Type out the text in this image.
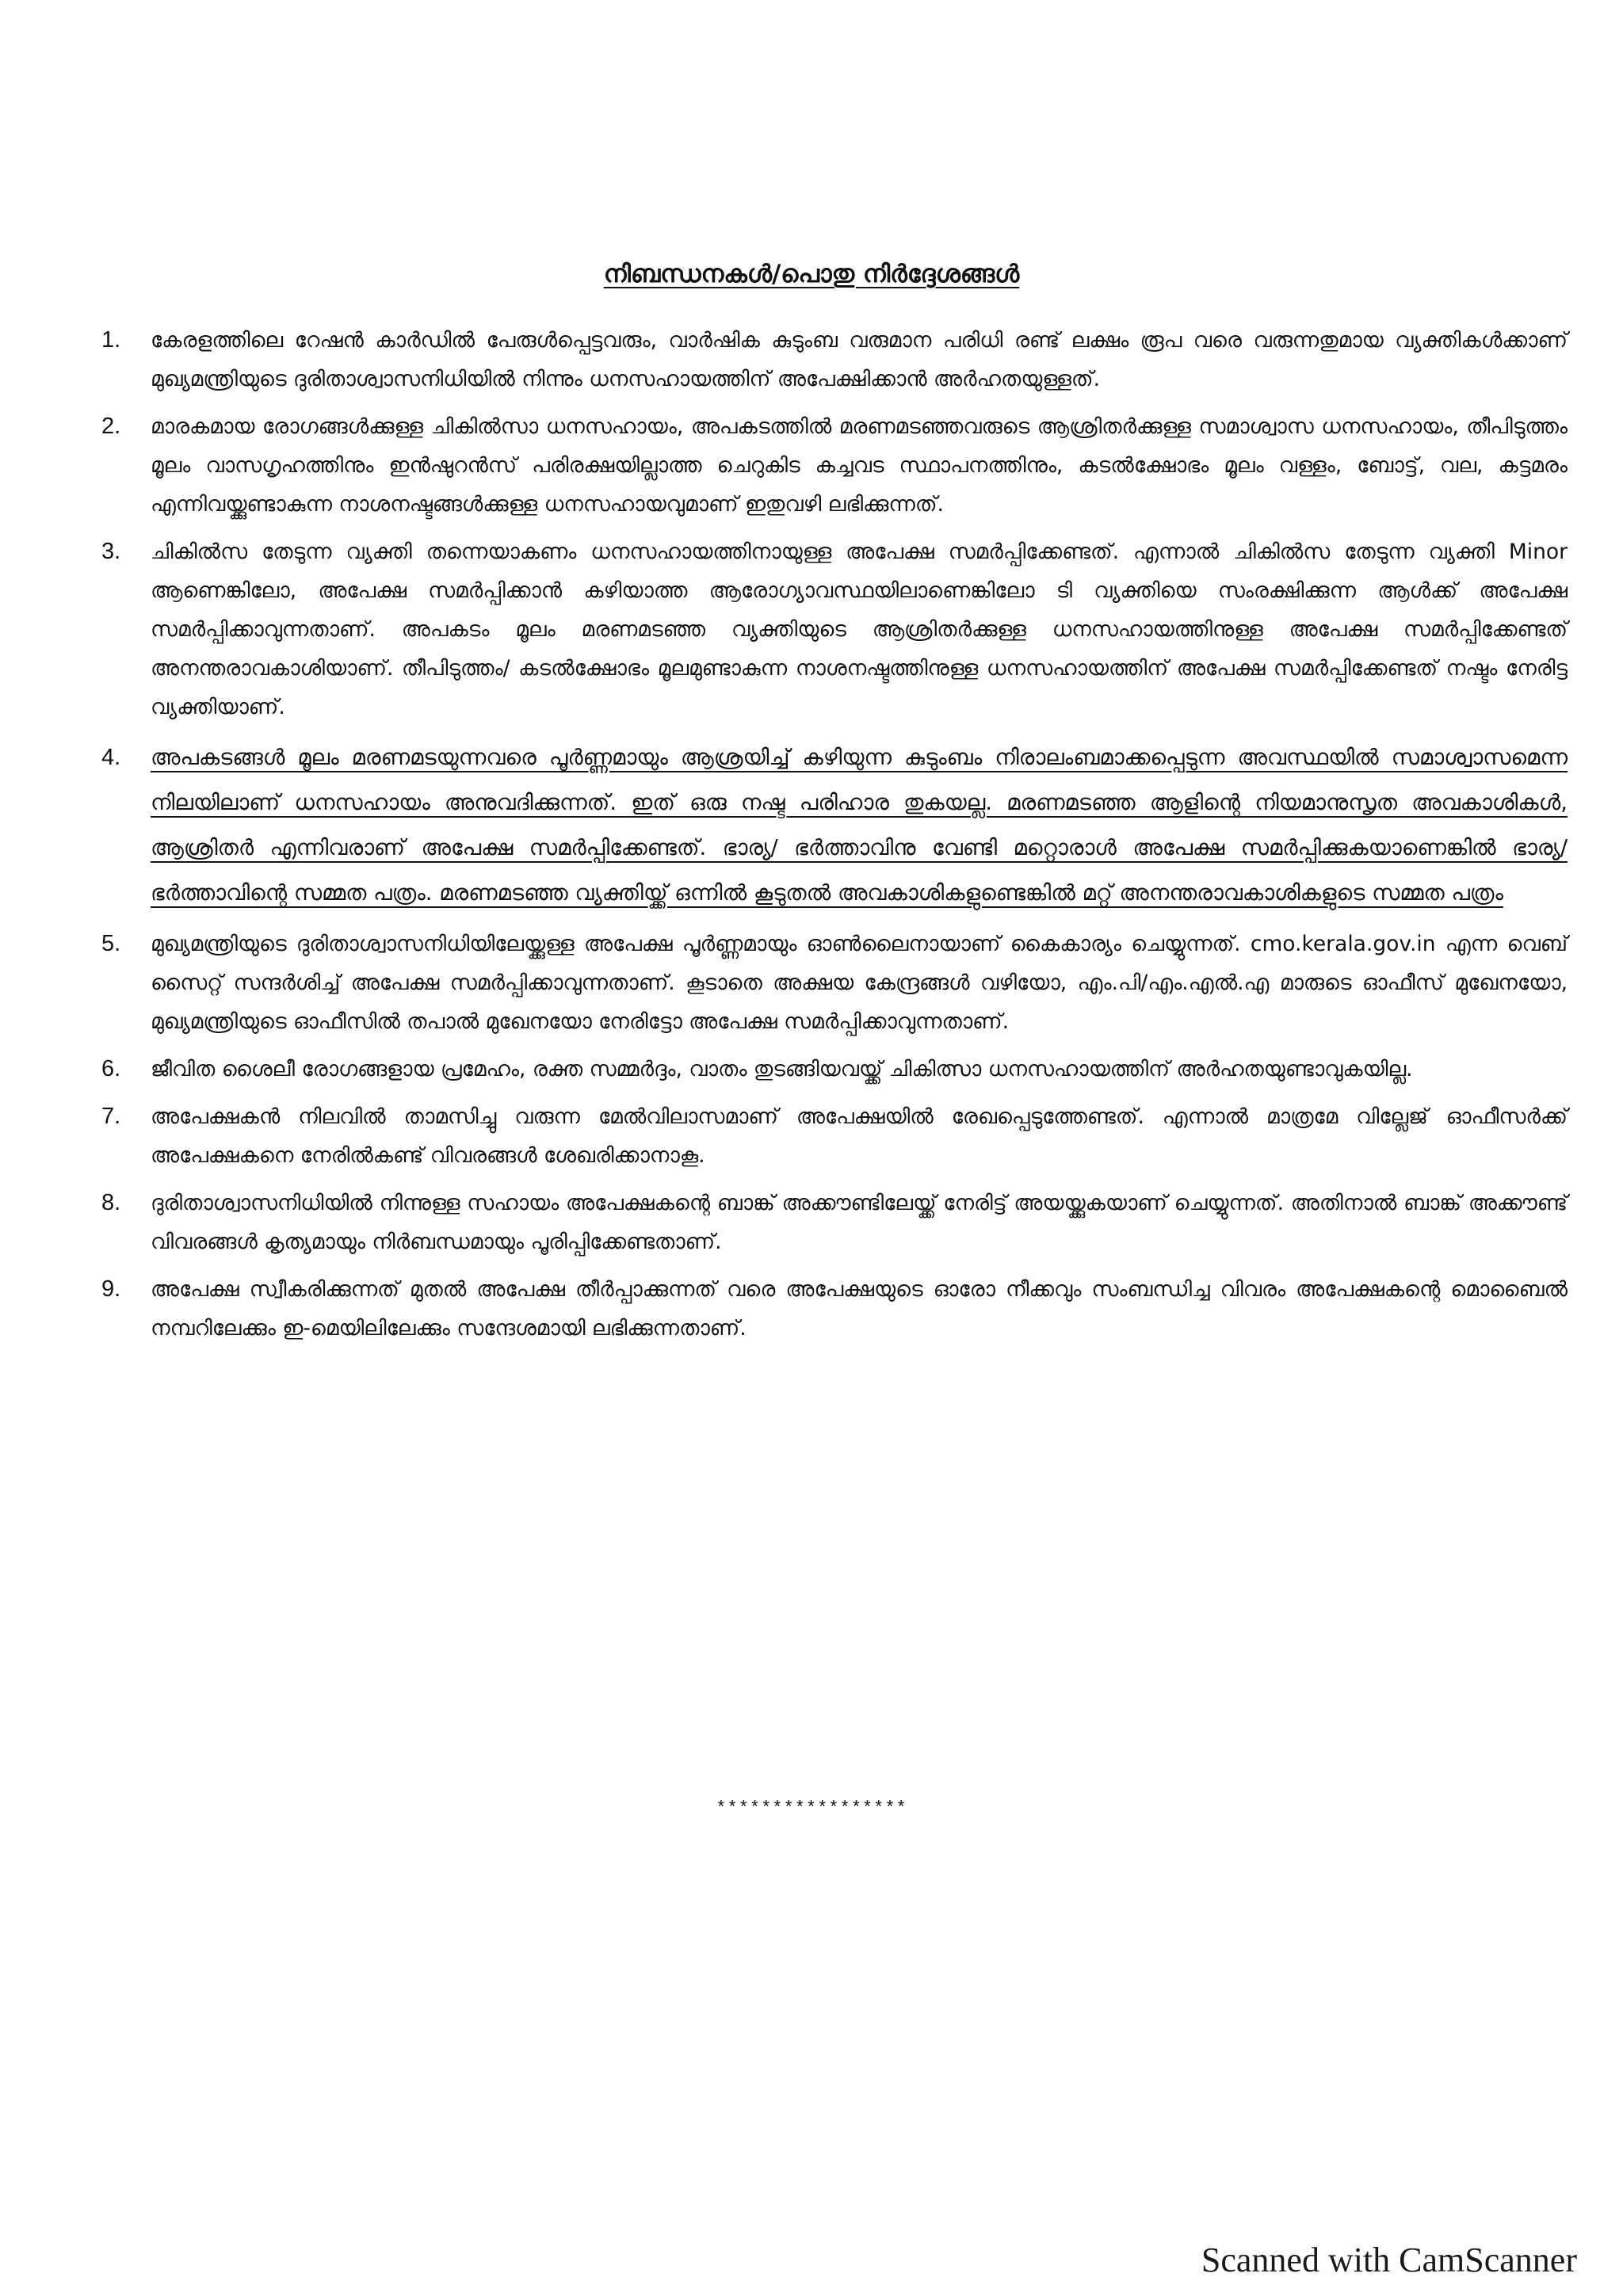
നിബന്ധനകൾ/പൊതു നിർദ്ദേശങ്ങൾ
1. കേരളത്തിലെ റേഷൻ കാർഡിൽ പേരുൾപ്പെട്ടവരും, വാർഷിക കുടുംബ വരുമാന പരിധി രണ്ട് ലക്ഷം രൂപ വരെ വരുന്നതുമായ വ്യക്തികൾക്കാണ് മുഖ്യമന്ത്രിയുടെ ദുരിതാശ്വാസനിധിയിൽ നിന്നും ധനസഹായത്തിന് അപേക്ഷിക്കാൻ അർഹതയുള്ളത്.
2. മാരകമായ രോഗങ്ങൾക്കുള്ള ചികിൽസാ ധനസഹായം, അപകടത്തിൽ മരണമടഞ്ഞവരുടെ ആശ്രിതർക്കുള്ള സമാശ്വാസ ധനസഹായം, തീപിടുത്തം മൂലം വാസഗൃഹത്തിനും ഇൻഷുറൻസ് പരിരക്ഷയില്ലാത്ത ചെറുകിട കച്ചവട സ്ഥാപനത്തിനും, കടൽക്ഷോഭം മൂലം വള്ളം, ബോട്ട്, വല, കട്ടമരം എന്നിവയ്ക്കുണ്ടാകുന്ന നാശനഷ്ടങ്ങൾക്കുള്ള ധനസഹായവുമാണ് ഇതുവഴി ലഭിക്കുന്നത്.
3. ചികിൽസ തേടുന്ന വ്യക്തി തന്നെയാകണം ധനസഹായത്തിനായുള്ള അപേക്ഷ സമർപ്പിക്കേണ്ടത്. എന്നാൽ ചികിൽസ തേടുന്ന വ്യക്തി Minor ആണെങ്കിലോ, അപേക്ഷ സമർപ്പിക്കാൻ കഴിയാത്ത ആരോഗ്യാവസ്ഥയിലാണെങ്കിലോ ടി വ്യക്തിയെ സംരക്ഷിക്കുന്ന ആൾക്ക് അപേക്ഷ സമർപ്പിക്കാവുന്നതാണ്. അപകടം മൂലം മരണമടഞ്ഞ വ്യക്തിയുടെ ആശ്രിതർക്കുള്ള ധനസഹായത്തിനുള്ള അപേക്ഷ സമർപ്പിക്കേണ്ടത് അനന്തരാവകാശിയാണ്. തീപിടുത്തം/ കടൽക്ഷോഭം മൂലമുണ്ടാകുന്ന നാശനഷ്ടത്തിനുള്ള ധനസഹായത്തിന് അപേക്ഷ സമർപ്പിക്കേണ്ടത് നഷ്ടം നേരിട്ട വ്യക്തിയാണ്.
4. അപകടങ്ങൾ മൂലം മരണമടയുന്നവരെ പൂർണ്ണമായും ആശ്രയിച്ച് കഴിയുന്ന കുടുംബം നിരാലംബമാക്കപ്പെടുന്ന അവസ്ഥയിൽ സമാശ്വാസമെന്ന നിലയിലാണ് ധനസഹായം അനുവദിക്കുന്നത്. ഇത് ഒരു നഷ്ട പരിഹാര തുകയല്ല. മരണമടഞ്ഞ ആളിന്റെ നിയമാനുസൃത അവകാശികൾ, ആശ്രിതർ എന്നിവരാണ് അപേക്ഷ സമർപ്പിക്കേണ്ടത്. ഭാര്യ/ ഭർത്താവിനു വേണ്ടി മറ്റൊരാൾ അപേക്ഷ സമർപ്പിക്കുകയാണെങ്കിൽ ഭാര്യ/ ഭർത്താവിന്റെ സമ്മത പത്രം. മരണമടഞ്ഞ വ്യക്തിയ്ക്ക് ഒന്നിൽ കൂടുതൽ അവകാശികളുണ്ടെങ്കിൽ മറ്റ് അനന്തരാവകാശികളുടെ സമ്മത പത്രം
5. മുഖ്യമന്ത്രിയുടെ ദുരിതാശ്വാസനിധിയിലേയ്ക്കുള്ള അപേക്ഷ പൂർണ്ണമായും ഓൺലൈനായാണ് കൈകാര്യം ചെയ്യുന്നത്. cmo.kerala.gov.in എന്ന വെബ് സൈറ്റ് സന്ദർശിച്ച് അപേക്ഷ സമർപ്പിക്കാവുന്നതാണ്. കൂടാതെ അക്ഷയ കേന്ദ്രങ്ങൾ വഴിയോ, എം.പി/എം.എൽ.എ മാരുടെ ഓഫീസ് മുഖേനയോ, മുഖ്യമന്ത്രിയുടെ ഓഫീസിൽ തപാൽ മുഖേനയോ നേരിട്ടോ അപേക്ഷ സമർപ്പിക്കാവുന്നതാണ്.
6. ജീവിത ശൈലീ രോഗങ്ങളായ പ്രമേഹം, രക്ത സമ്മർദ്ദം, വാതം തുടങ്ങിയവയ്ക്ക് ചികിത്സാ ധനസഹായത്തിന് അർഹതയുണ്ടാവുകയില്ല.
7. അപേക്ഷകൻ നിലവിൽ താമസിച്ചു വരുന്ന മേൽവിലാസമാണ് അപേക്ഷയിൽ രേഖപ്പെടുത്തേണ്ടത്. എന്നാൽ മാത്രമേ വില്ലേജ് ഓഫീസർക്ക് അപേക്ഷകനെ നേരിൽകണ്ട് വിവരങ്ങൾ ശേഖരിക്കാനാകൂ.
8. ദുരിതാശ്വാസനിധിയിൽ നിന്നുള്ള സഹായം അപേക്ഷകന്റെ ബാങ്ക് അക്കൗണ്ടിലേയ്ക്ക് നേരിട്ട് അയയ്ക്കുകയാണ് ചെയ്യുന്നത്. അതിനാൽ ബാങ്ക് അക്കൗണ്ട് വിവരങ്ങൾ കൃത്യമായും നിർബന്ധമായും പൂരിപ്പിക്കേണ്ടതാണ്.
9. അപേക്ഷ സ്വീകരിക്കുന്നത് മുതൽ അപേക്ഷ തീർപ്പാക്കുന്നത് വരെ അപേക്ഷയുടെ ഓരോ നീക്കവും സംബന്ധിച്ച വിവരം അപേക്ഷകന്റെ മൊബൈൽ നമ്പറിലേക്കും ഇ-മെയിലിലേക്കും സന്ദേശമായി ലഭിക്കുന്നതാണ്.
*****************
Scanned with CamScanner
